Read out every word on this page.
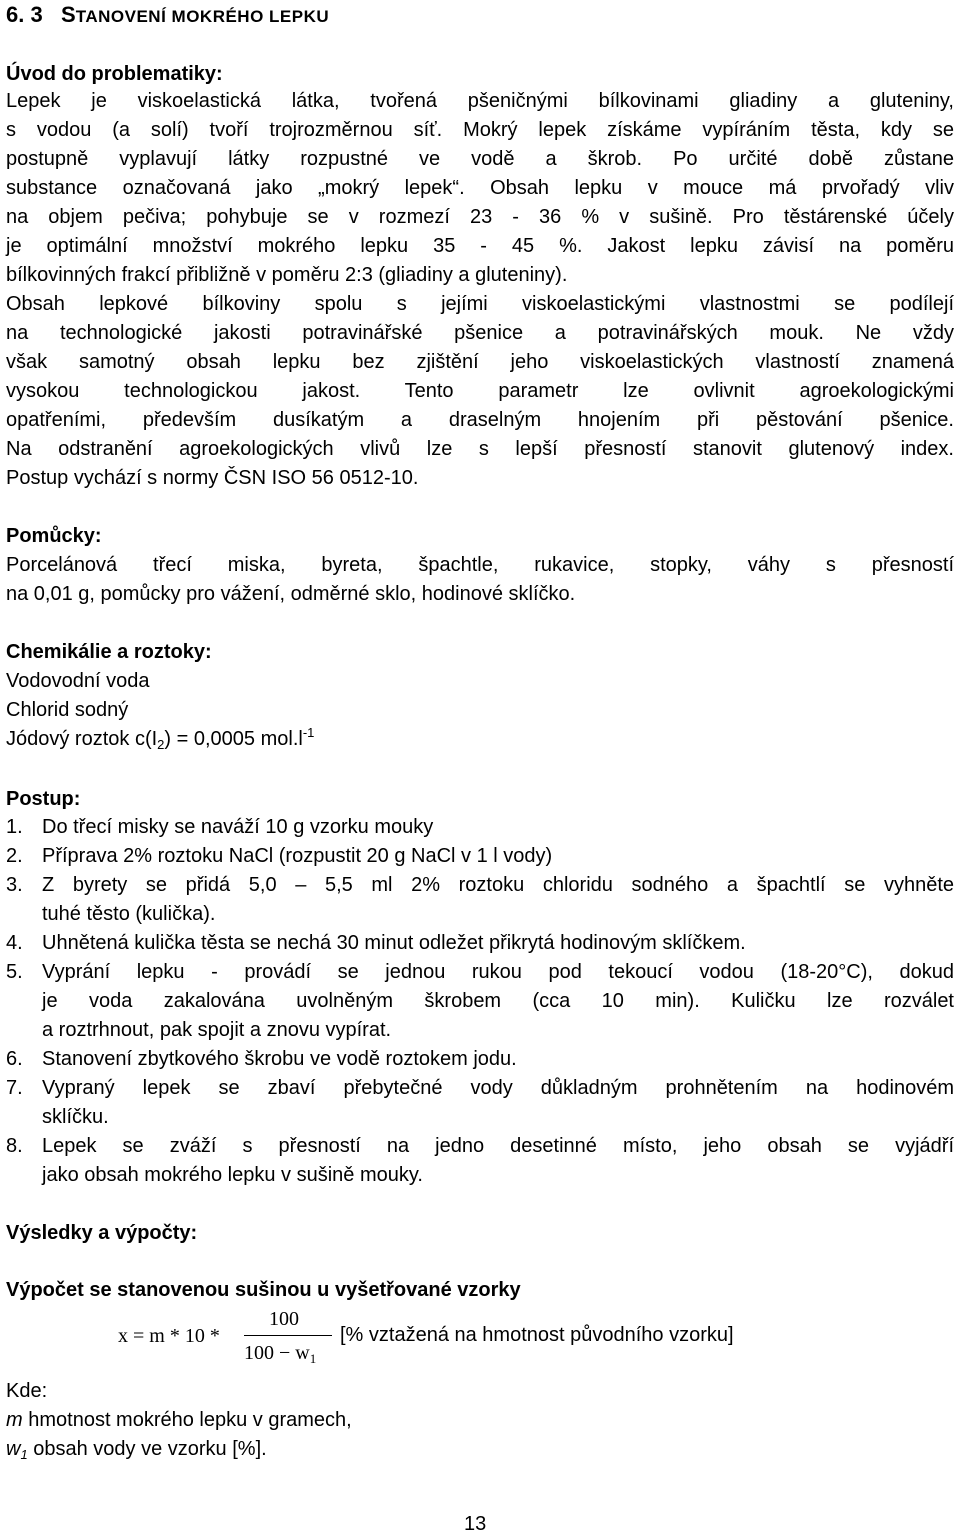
6. 3 STANOVENÍ MOKRÉHO LEPKU
Úvod do problematiky:
Lepek je viskoelastická látka, tvořená pšeničnými bílkovinami gliadiny a gluteniny,
s vodou (a solí) tvoří trojrozměrnou síť. Mokrý lepek získáme vypíráním těsta, kdy se
postupně vyplavují látky rozpustné ve vodě a škrob. Po určité době zůstane
substance označovaná jako „mokrý lepek“. Obsah lepku v mouce má prvořadý vliv
na objem pečiva; pohybuje se v rozmezí 23 - 36 % v sušině. Pro těstárenské účely
je optimální množství mokrého lepku 35 - 45 %. Jakost lepku závisí na poměru
bílkovinných frakcí přibližně v poměru 2:3 (gliadiny a gluteniny).
Obsah lepkové bílkoviny spolu s jejími viskoelastickými vlastnostmi se podílejí
na technologické jakosti potravinářské pšenice a potravinářských mouk. Ne vždy
však samotný obsah lepku bez zjištění jeho viskoelastických vlastností znamená
vysokou technologickou jakost. Tento parametr lze ovlivnit agroekologickými
opatřeními, především dusíkatým a draselným hnojením při pěstování pšenice.
Na odstranění agroekologických vlivů lze s lepší přesností stanovit glutenový index.
Postup vychází s normy ČSN ISO 56 0512-10.
Pomůcky:
Porcelánová třecí miska, byreta, špachtle, rukavice, stopky, váhy s přesností
na 0,01 g, pomůcky pro vážení, odměrné sklo, hodinové sklíčko.
Chemikálie a roztoky:
Vodovodní voda
Chlorid sodný
Jódový roztok $c(I_2) = 0,0005$ $mol.l^{-1}$
Postup:
1. Do třecí misky se naváží 10 g vzorku mouky
2. Příprava 2% roztoku NaCl (rozpustit 20 g NaCl v 1 l vody)
3. Z byrety se přidá 5,0 – 5,5 ml 2% roztoku chloridu sodného a špachtlí se vyhněte
tuhé těsto (kulička).
4. Uhnětená kulička těsta se nechá 30 minut odležet přikrytá hodinovým sklíčkem.
5. Vyprání lepku - provádí se jednou rukou pod tekoucí vodou (18-20°C), dokud
je voda zakalována uvolněným škrobem (cca 10 min). Kuličku lze rozválet
a roztrhnout, pak spojit a znovu vypírat.
6. Stanovení zbytkového škrobu ve vodě roztokem jodu.
7. Vypraný lepek se zbaví přebytečné vody důkladným prohnětením na hodinovém
sklíčku.
8. Lepek se zváží s přesností na jedno desetinné místo, jeho obsah se vyjádří
jako obsah mokrého lepku v sušině mouky.
Výsledky a výpočty:
Výpočet se stanovenou sušinou u vyšetřované vzorky
x = m * 10 *
100
$100 - w_1$
[% vztažená na hmotnost původního vzorku]
Kde:
m hmotnost mokrého lepku v gramech,
$w_1$ obsah vody ve vzorku [%].
13
